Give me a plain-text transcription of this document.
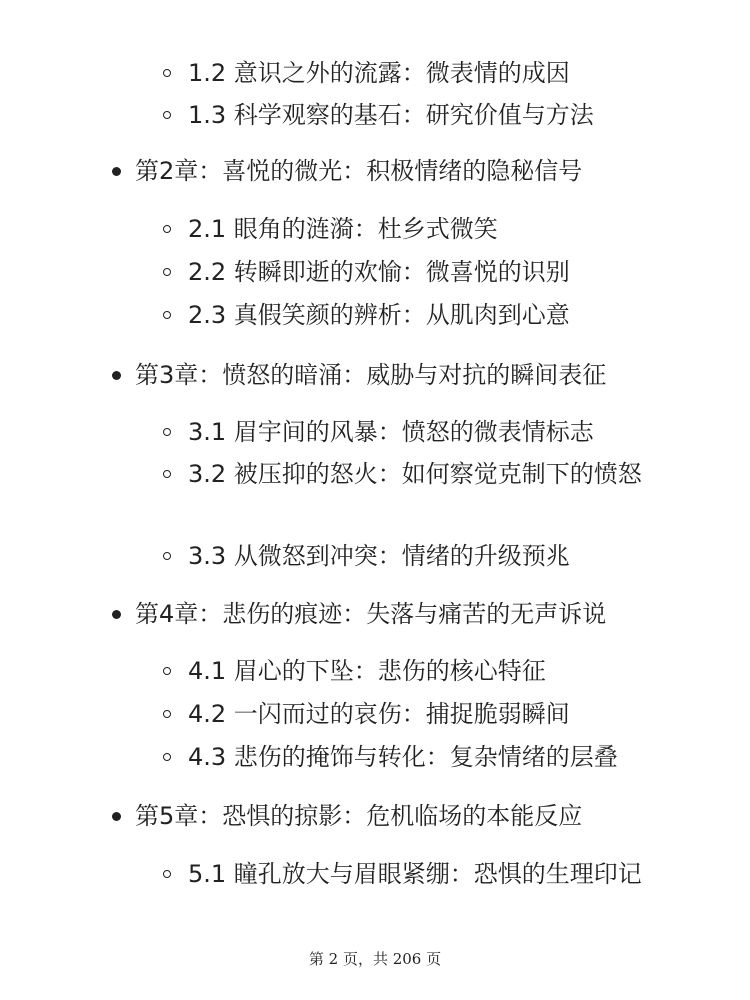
1.2 意识之外的流露：微表情的成因
1.3 科学观察的基石：研究价值与方法
第2章：喜悦的微光：积极情绪的隐秘信号
2.1 眼角的涟漪：杜乡式微笑
2.2 转瞬即逝的欢愉：微喜悦的识别
2.3 真假笑颜的辨析：从肌肉到心意
第3章：愤怒的暗涌：威胁与对抗的瞬间表征
3.1 眉宇间的风暴：愤怒的微表情标志
3.2 被压抑的怒火：如何察觉克制下的愤怒
3.3 从微怒到冲突：情绪的升级预兆
第4章：悲伤的痕迹：失落与痛苦的无声诉说
4.1 眉心的下坠：悲伤的核心特征
4.2 一闪而过的哀伤：捕捉脆弱瞬间
4.3 悲伤的掩饰与转化：复杂情绪的层叠
第5章：恐惧的掠影：危机临场的本能反应
5.1 瞳孔放大与眉眼紧绷：恐惧的生理印记
第 2 页，共 206 页
